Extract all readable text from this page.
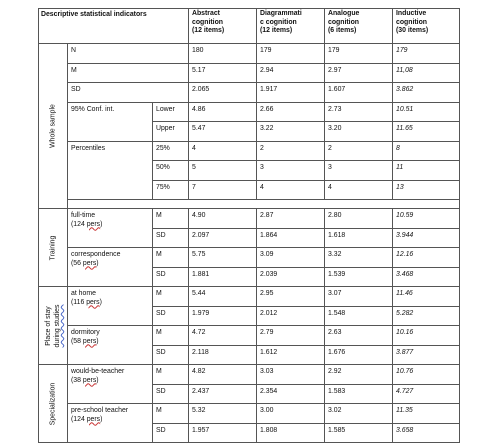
Descriptive statistical indicators			Abstract
cognition
(12 items)	Diagrammati
c cognition
(12 items)	Analogue
cognition
(6 items)	Inductive
cognition
(30 items)

Whole sample	N		180	179	179	179
	M		5.17	2.94	2.97	11,08
	SD		2.065	1.917	1.607	3.862
	95% Conf. int.	Lower	4.86	2.66	2.73	10.51
		Upper	5.47	3.22	3.20	11.65
	Percentiles	25%	4	2	2	8
		50%	5	3	3	11
		75%	7	4	4	13

Training	full-time
(124 pers)	M	4.90	2.87	2.80	10.59
		SD	2.097	1.864	1.618	3.944

	correspondence
(56 pers)	M	5.75	3.09	3.32	12.16
		SD	1.881	2.039	1.539	3.468

Place of stay during studies	at home
(116 pers)	M	5.44	2.95	3.07	11.46
		SD	1.979	2.012	1.548	5.282

	dormitory
(58 pers)	M	4.72	2.79	2.63	10.16
		SD	2.118	1.612	1.676	3.877

Specialization	would-be-teacher
(38 pers)	M	4.82	3.03	2.92	10.76
		SD	2.437	2.354	1.583	4.727

	pre-school teacher
(124 pers)	M	5.32	3.00	3.02	11.35
		SD	1.957	1.808	1.585	3.658
